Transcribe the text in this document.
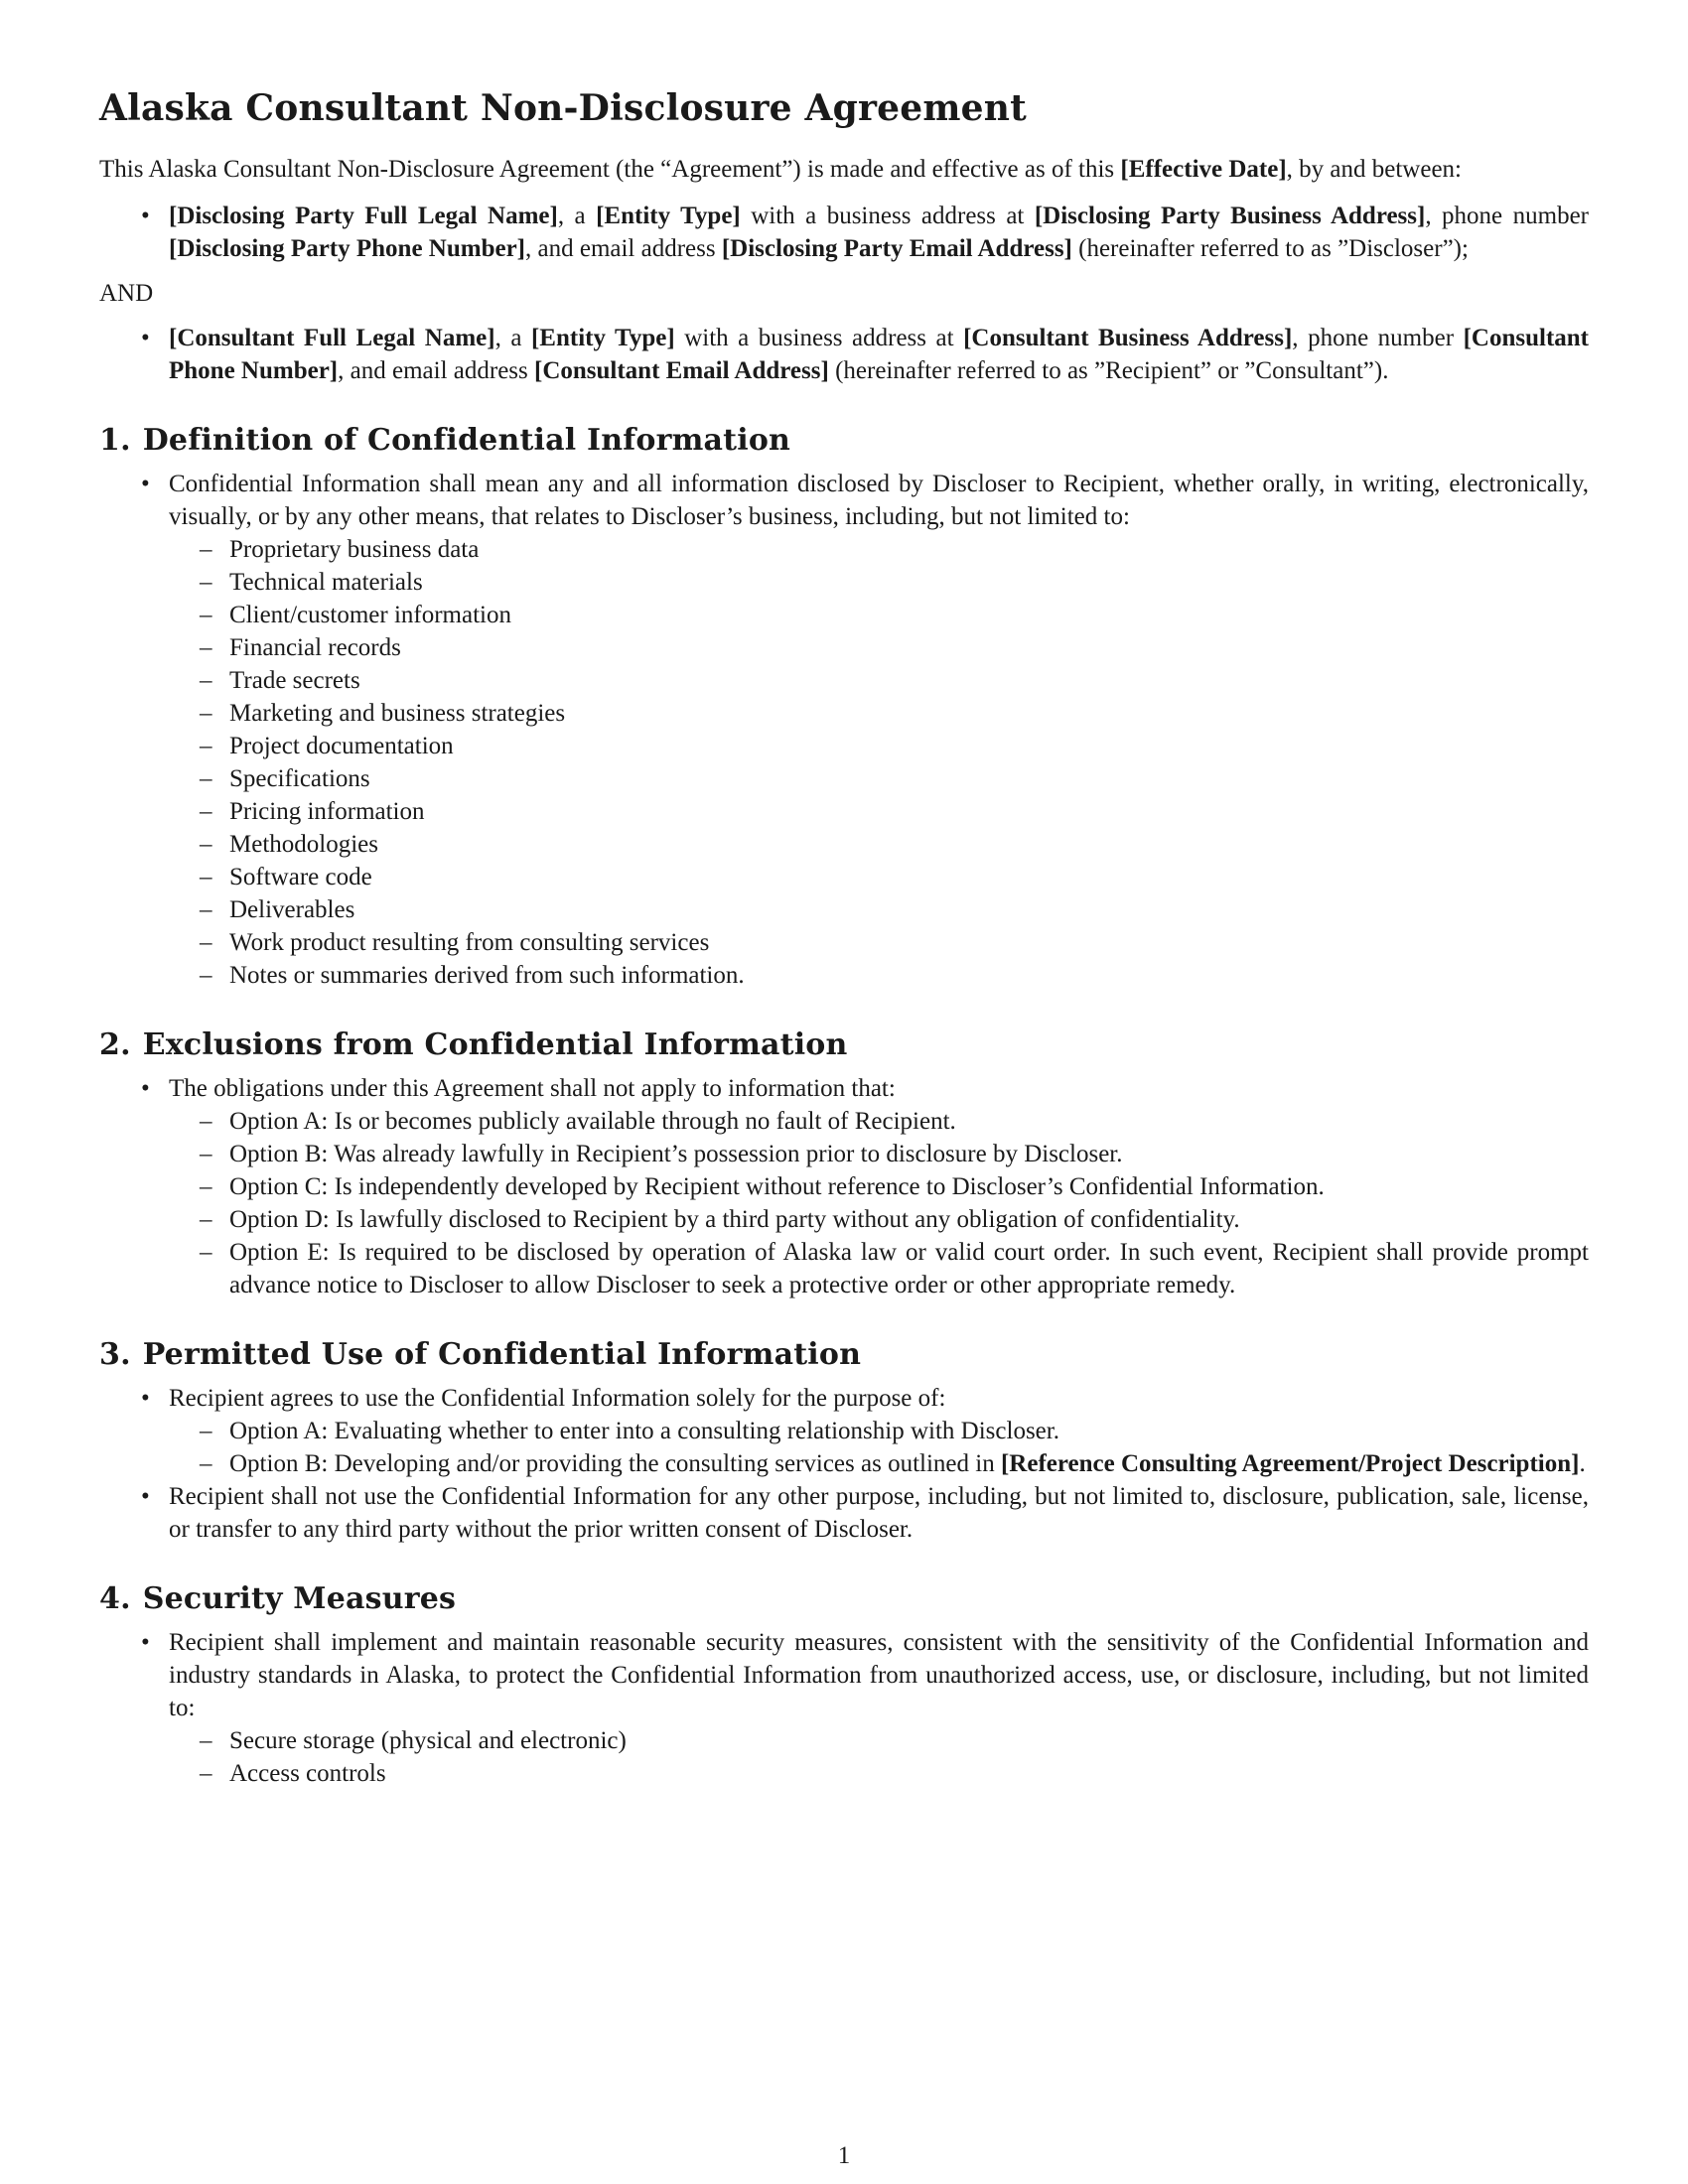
Alaska Consultant Non-Disclosure Agreement

This Alaska Consultant Non-Disclosure Agreement (the “Agreement”) is made and effective as of this [Effective Date], by and between:

• [Disclosing Party Full Legal Name], a [Entity Type] with a business address at [Disclosing Party Business Address], phone number [Disclosing Party Phone Number], and email address [Disclosing Party Email Address] (hereinafter referred to as ”Discloser”);

AND

• [Consultant Full Legal Name], a [Entity Type] with a business address at [Consultant Business Address], phone number [Consultant Phone Number], and email address [Consultant Email Address] (hereinafter referred to as ”Recipient” or ”Consultant”).
1. Definition of Confidential Information
• Confidential Information shall mean any and all information disclosed by Discloser to Recipient, whether orally, in writing, electronically, visually, or by any other means, that relates to Discloser’s business, including, but not limited to:
– Proprietary business data
– Technical materials
– Client/customer information
– Financial records
– Trade secrets
– Marketing and business strategies
– Project documentation
– Specifications
– Pricing information
– Methodologies
– Software code
– Deliverables
– Work product resulting from consulting services
– Notes or summaries derived from such information.
2. Exclusions from Confidential Information
• The obligations under this Agreement shall not apply to information that:
– Option A: Is or becomes publicly available through no fault of Recipient.
– Option B: Was already lawfully in Recipient’s possession prior to disclosure by Discloser.
– Option C: Is independently developed by Recipient without reference to Discloser’s Confidential Information.
– Option D: Is lawfully disclosed to Recipient by a third party without any obligation of confidentiality.
– Option E: Is required to be disclosed by operation of Alaska law or valid court order. In such event, Recipient shall provide prompt advance notice to Discloser to allow Discloser to seek a protective order or other appropriate remedy.
3. Permitted Use of Confidential Information
• Recipient agrees to use the Confidential Information solely for the purpose of:
– Option A: Evaluating whether to enter into a consulting relationship with Discloser.
– Option B: Developing and/or providing the consulting services as outlined in [Reference Consulting Agreement/Project Description].
• Recipient shall not use the Confidential Information for any other purpose, including, but not limited to, disclosure, publication, sale, license, or transfer to any third party without the prior written consent of Discloser.
4. Security Measures
• Recipient shall implement and maintain reasonable security measures, consistent with the sensitivity of the Confidential Information and industry standards in Alaska, to protect the Confidential Information from unauthorized access, use, or disclosure, including, but not limited to:
– Secure storage (physical and electronic)
– Access controls
1
